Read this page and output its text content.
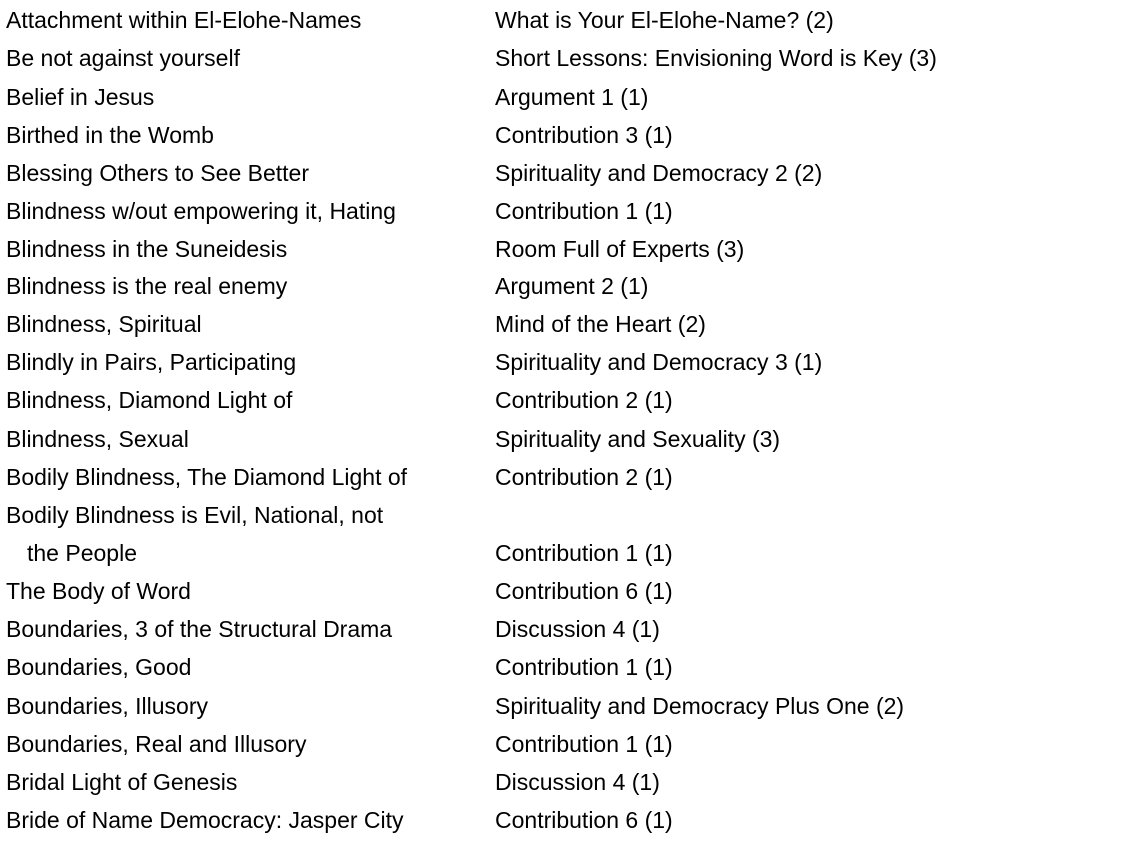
Attachment within El-Elohe-Names	What is Your El-Elohe-Name? (2)
Be not against yourself	Short Lessons: Envisioning Word is Key (3)
Belief in Jesus	Argument 1 (1)
Birthed in the Womb	Contribution 3 (1)
Blessing Others to See Better	Spirituality and Democracy 2 (2)
Blindness w/out empowering it, Hating	Contribution 1 (1)
Blindness in the Suneidesis	Room Full of Experts (3)
Blindness is the real enemy	Argument 2 (1)
Blindness, Spiritual	Mind of the Heart (2)
Blindly in Pairs, Participating	Spirituality and Democracy 3 (1)
Blindness, Diamond Light of	Contribution 2 (1)
Blindness, Sexual	Spirituality and Sexuality (3)
Bodily Blindness, The Diamond Light of	Contribution 2 (1)
Bodily Blindness is Evil, National, not
the People	Contribution 1 (1)
The Body of Word	Contribution 6 (1)
Boundaries, 3 of the Structural Drama	Discussion 4 (1)
Boundaries, Good	Contribution 1 (1)
Boundaries, Illusory	Spirituality and Democracy Plus One (2)
Boundaries, Real and Illusory	Contribution 1 (1)
Bridal Light of Genesis	Discussion 4 (1)
Bride of Name Democracy: Jasper City	Contribution 6 (1)
